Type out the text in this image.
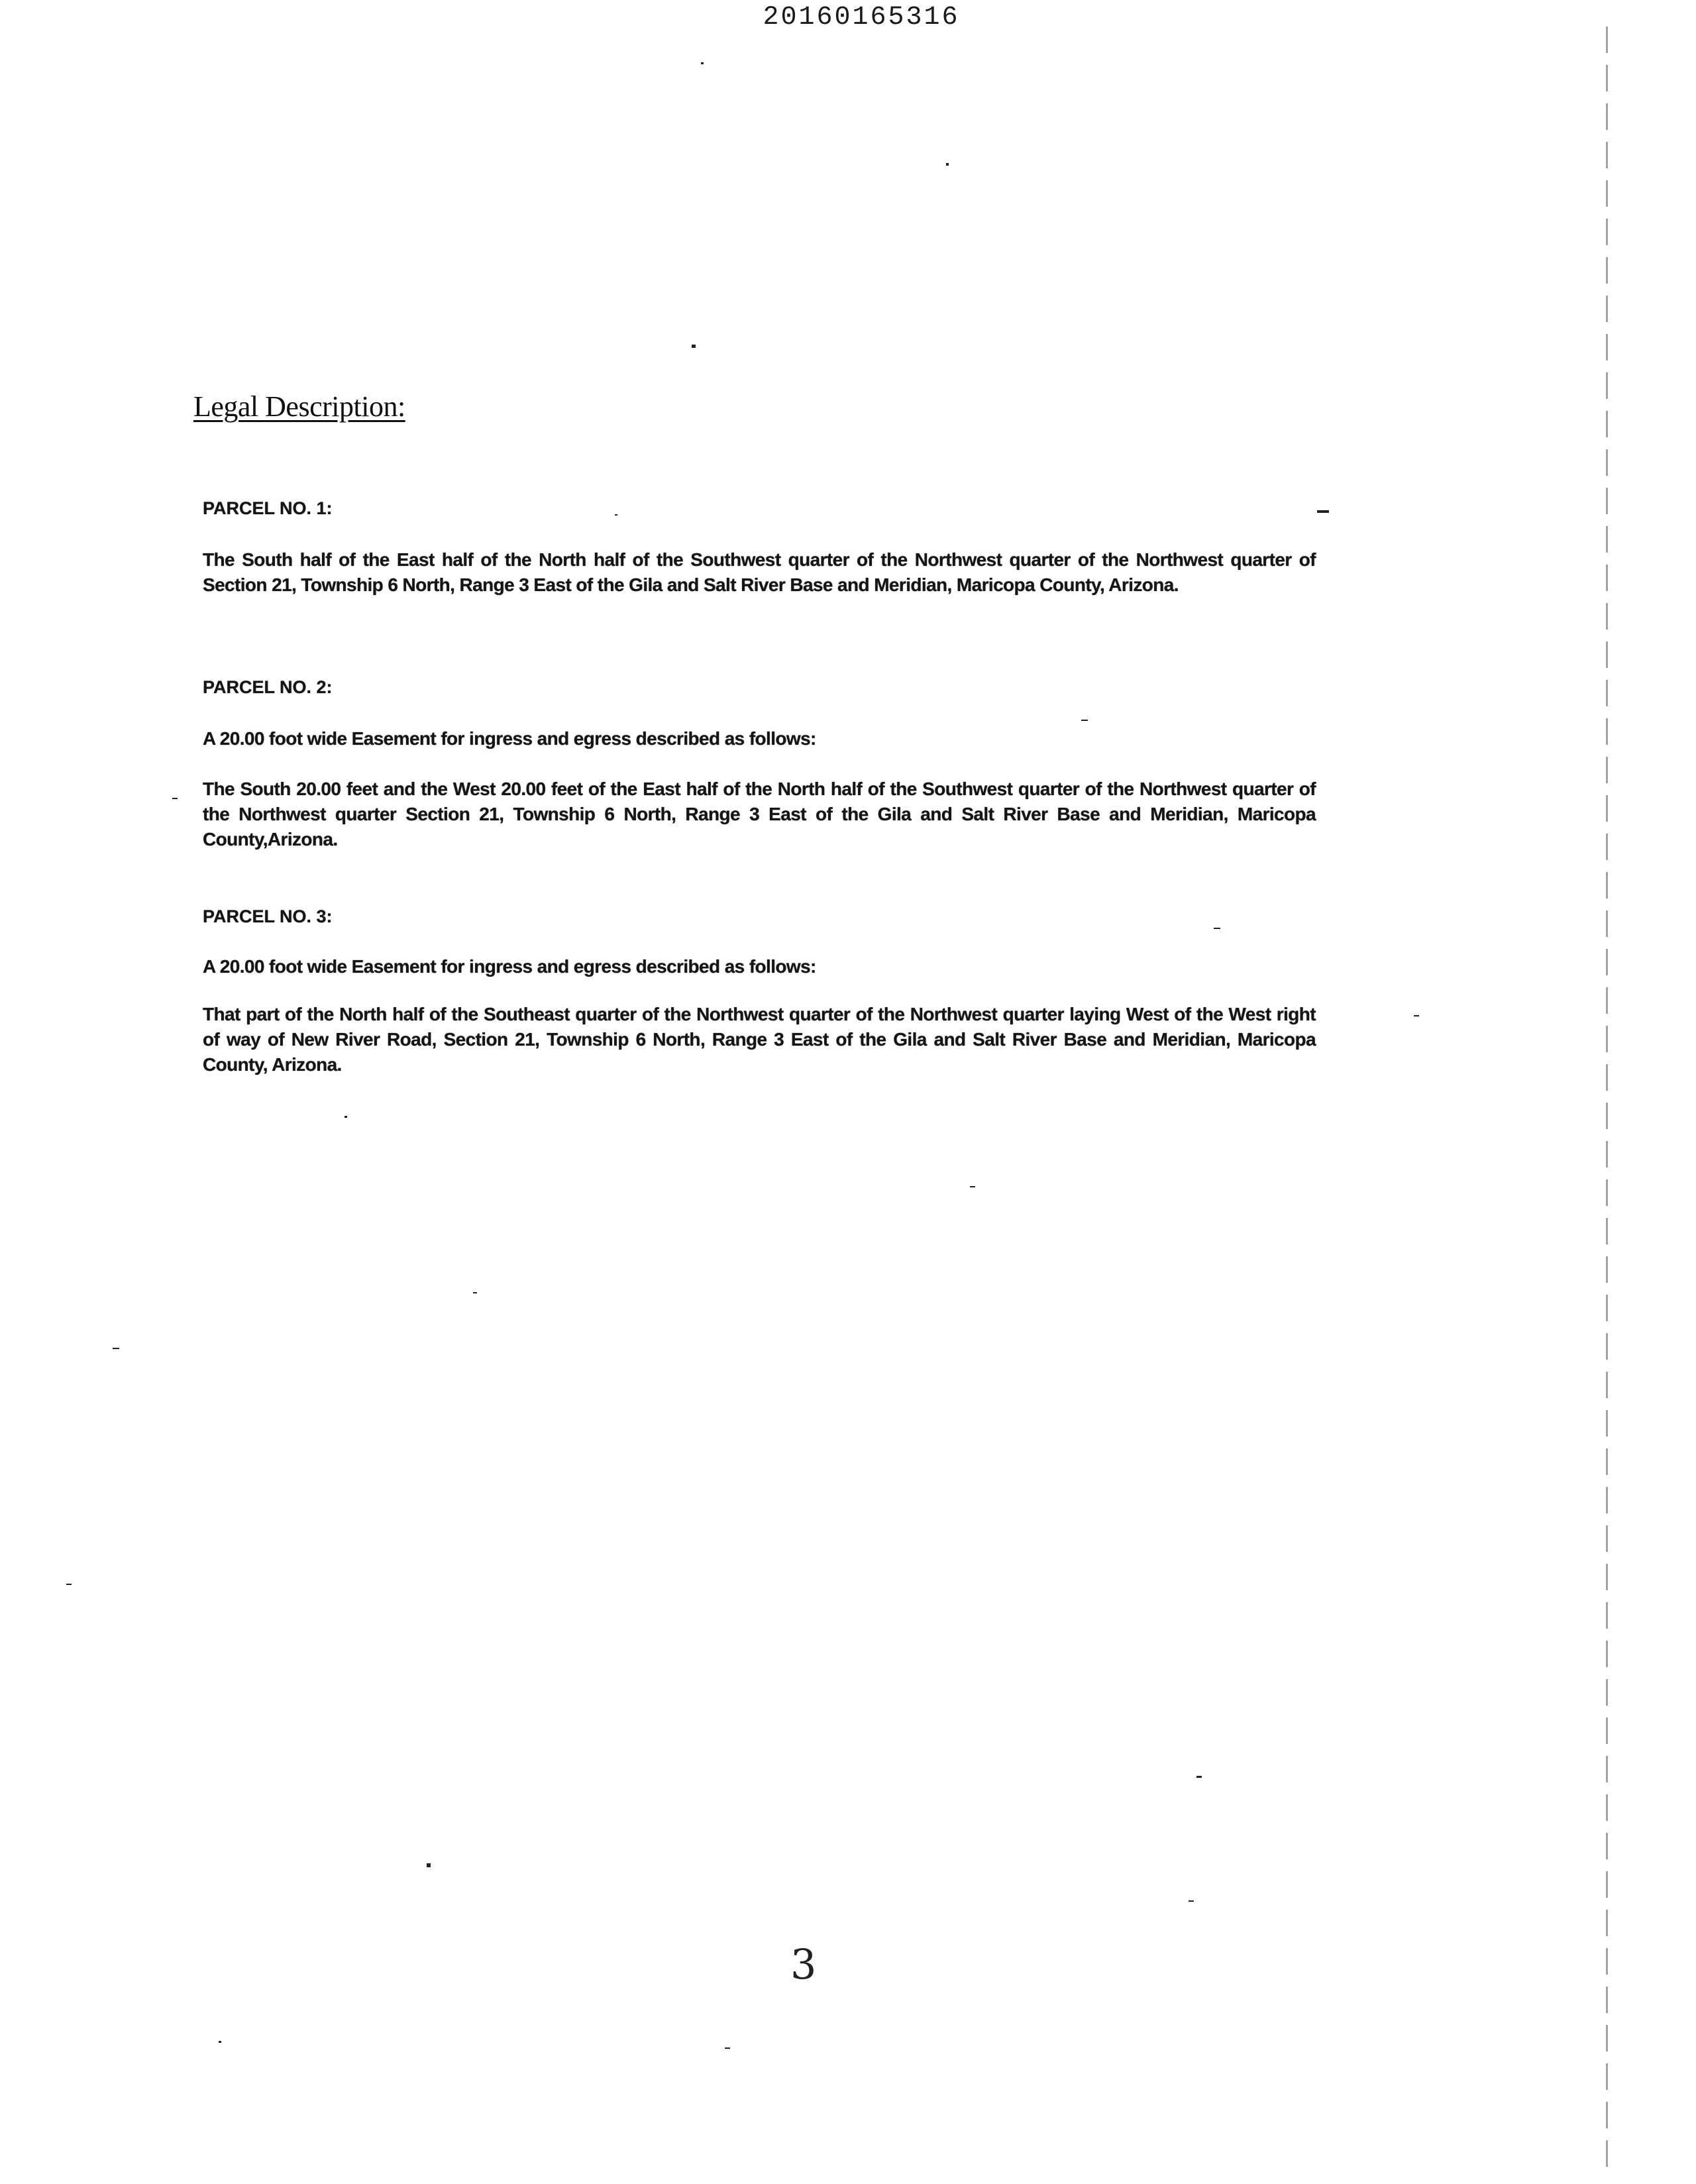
20160165316
Legal Description:
PARCEL NO. 1:
The South half of the East half of the North half of the Southwest quarter of the Northwest quarter of the Northwest quarter of Section 21, Township 6 North, Range 3 East of the Gila and Salt River Base and Meridian, Maricopa County, Arizona.
PARCEL NO. 2:
A 20.00 foot wide Easement for ingress and egress described as follows:
The South 20.00 feet and the West 20.00 feet of the East half of the North half of the Southwest quarter of the Northwest quarter of the Northwest quarter Section 21, Township 6 North, Range 3 East of the Gila and Salt River Base and Meridian, Maricopa County,Arizona.
PARCEL NO. 3:
A 20.00 foot wide Easement for ingress and egress described as follows:
That part of the North half of the Southeast quarter of the Northwest quarter of the Northwest quarter laying West of the West right of way of New River Road, Section 21, Township 6 North, Range 3 East of the Gila and Salt River Base and Meridian, Maricopa County, Arizona.
3
